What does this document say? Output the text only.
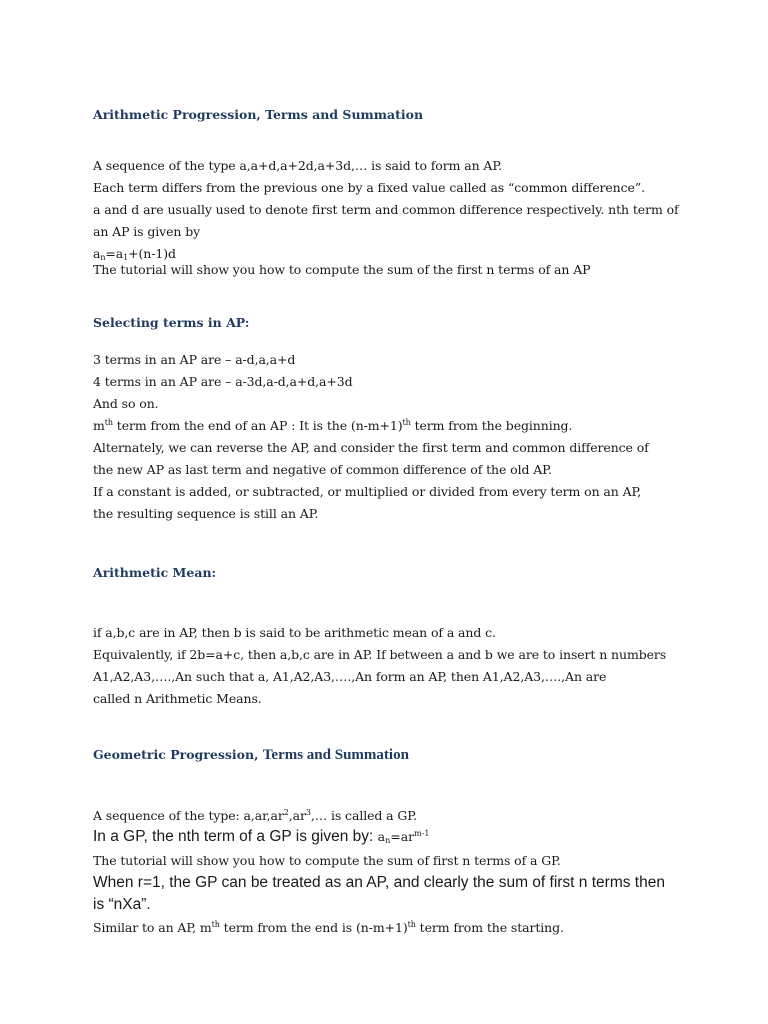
Arithmetic Progression, Terms and Summation
A sequence of the type a,a+d,a+2d,a+3d,… is said to form an AP.
Each term differs from the previous one by a fixed value called as “common difference”.
a and d are usually used to denote first term and common difference respectively. nth term of
an AP is given by
$a_n=a_1+(n-1)d$
The tutorial will show you how to compute the sum of the first n terms of an AP
Selecting terms in AP:
3 terms in an AP are – a-d,a,a+d
4 terms in an AP are – a-3d,a-d,a+d,a+3d
And so on.
$m^{th}$ term from the end of an AP : It is the $(n-m+1)^{th}$ term from the beginning.
Alternately, we can reverse the AP, and consider the first term and common difference of
the new AP as last term and negative of common difference of the old AP.
If a constant is added, or subtracted, or multiplied or divided from every term on an AP,
the resulting sequence is still an AP.
Arithmetic Mean:
if a,b,c are in AP, then b is said to be arithmetic mean of a and c.
Equivalently, if 2b=a+c, then a,b,c are in AP. If between a and b we are to insert n numbers
A1,A2,A3,….,An such that a, A1,A2,A3,….,An form an AP, then A1,A2,A3,….,An are
called n Arithmetic Means.
Geometric Progression, Terms and Summation
A sequence of the type: $a,ar,ar^2,ar^3,\dots$ is called a GP.
In a GP, the nth term of a GP is given by: $a_n=ar^{m-1}$
The tutorial will show you how to compute the sum of first n terms of a GP.
When r=1, the GP can be treated as an AP, and clearly the sum of first n terms then
is “nXa”.
Similar to an AP, $m^{th}$ term from the end is $(n-m+1)^{th}$ term from the starting.
